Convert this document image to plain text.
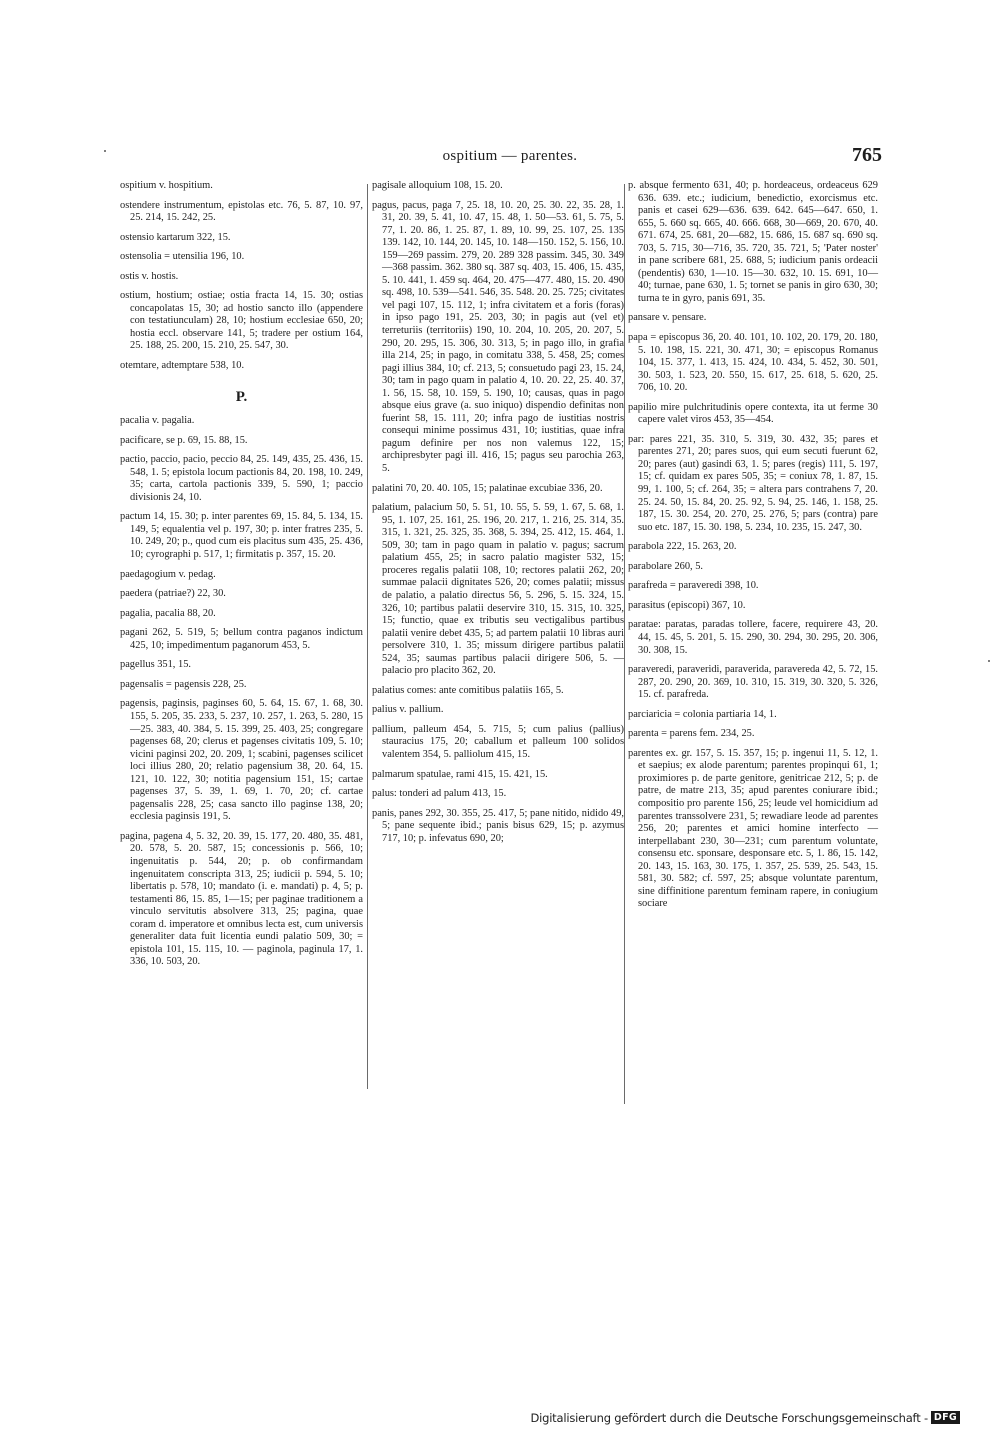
ospitium — parentes.	765
ospitium v. hospitium.
ostendere instrumentum, epistolas etc. 76, 5. 87, 10. 97, 25. 214, 15. 242, 25.
ostensio kartarum 322, 15.
ostensolia = utensilia 196, 10.
ostis v. hostis.
ostium, hostium; ostiae; ostia fracta 14, 15. 30; ostias concapolatas 15, 30; ad hostio sancto illo (appendere con testatiunculam) 28, 10; hostium ecclesiae 650, 20; hostia eccl. observare 141, 5; tradere per ostium 164, 25. 188, 25. 200, 15. 210, 25. 547, 30.
otemtare, adtemptare 538, 10.
P.
pacalia v. pagalia.
pacificare, se p. 69, 15. 88, 15.
pactio, paccio, pacio, peccio 84, 25. 149, 435, 25. 436, 15. 548, 1. 5; epistola locum pactionis 84, 20. 198, 10. 249, 35; carta, cartola pactionis 339, 5. 590, 1; paccio divisionis 24, 10.
pactum 14, 15. 30; p. inter parentes 69, 15. 84, 5. 134, 15. 149, 5; equalentia vel p. 197, 30; p. inter fratres 235, 5. 10. 249, 20; p., quod cum eis placitus sum 435, 25. 436, 10; cyrographi p. 517, 1; firmitatis p. 357, 15. 20.
paedagogium v. pedag.
paedera (patriae?) 22, 30.
pagalia, pacalia 88, 20.
pagani 262, 5. 519, 5; bellum contra paganos indictum 425, 10; impedimentum paganorum 453, 5.
pagellus 351, 15.
pagensalis = pagensis 228, 25.
pagensis, paginsis, paginses 60, 5. 64, 15. 67, 1. 68, 30. 155, 5. 205, 35. 233, 5. 237, 10. 257, 1. 263, 5. 280, 15—25. 383, 40. 384, 5. 15. 399, 25. 403, 25; congregare pagenses 68, 20; clerus et pagenses civitatis 109, 5. 10; vicini paginsi 202, 20. 209, 1; scabini, pagenses scilicet loci illius 280, 20; relatio pagensium 38, 20. 64, 15. 121, 10. 122, 30; notitia pagensium 151, 15; cartae pagenses 37, 5. 39, 1. 69, 1. 70, 20; cf. cartae pagensalis 228, 25; casa sancto illo paginse 138, 20; ecclesia paginsis 191, 5.
pagina, pagena 4, 5. 32, 20. 39, 15. 177, 20. 480, 35. 481, 20. 578, 5. 20. 587, 15; concessionis p. 566, 10; ingenuitatis p. 544, 20; p. ob confirmandam ingenuitatem conscripta 313, 25; iudicii p. 594, 5. 10; libertatis p. 578, 10; mandato (i. e. mandati) p. 4, 5; p. testamenti 86, 15. 85, 1—15; per paginae traditionem a vinculo servitutis absolvere 313, 25; pagina, quae coram d. imperatore et omnibus lecta est, cum universis generaliter data fuit licentia eundi palatio 509, 30; = epistola 101, 15. 115, 10. — paginola, paginula 17, 1. 336, 10. 503, 20.
pagisale alloquium 108, 15. 20.
pagus, pacus, paga 7, 25. 18, 10. 20, 25. 30. 22, 35. 28, 1. 31, 20. 39, 5. 41, 10. 47, 15. 48, 1. 50—53. 61, 5. 75, 5. 77, 1. 20. 86, 1. 25. 87, 1. 89, 10. 99, 25. 107, 25. 135 139. 142, 10. 144, 20. 145, 10. 148—150. 152, 5. 156, 10. 159—269 passim. 279, 20. 289 328 passim. 345, 30. 349—368 passim. 362. 380 sq. 387 sq. 403, 15. 406, 15. 435, 5. 10. 441, 1. 459 sq. 464, 20. 475—477. 480, 15. 20. 490 sq. 498, 10. 539—541. 546, 35. 548. 20. 25. 725; civitates vel pagi 107, 15. 112, 1; infra civitatem et a foris (foras) in ipso pago 191, 25. 203, 30; in pagis aut (vel et) terreturiis (territoriis) 190, 10. 204, 10. 205, 20. 207, 5. 290, 20. 295, 15. 306, 30. 313, 5; in pago illo, in grafia illa 214, 25; in pago, in comitatu 338, 5. 458, 25; comes pagi illius 384, 10; cf. 213, 5; consuetudo pagi 23, 15. 24, 30; tam in pago quam in palatio 4, 10. 20. 22, 25. 40. 37, 1. 56, 15. 58, 10. 159, 5. 190, 10; causas, quas in pago absque eius grave (a. suo iniquo) dispendio definitas non fuerint 58, 15. 111, 20; infra pago de iustitias nostris consequi minime possimus 431, 10; iustitias, quae infra pagum definire per nos non valemus 122, 15; archipresbyter pagi ill. 416, 15; pagus seu parochia 263, 5.
palatini 70, 20. 40. 105, 15; palatinae excubiae 336, 20.
palatium, palacium 50, 5. 51, 10. 55, 5. 59, 1. 67, 5. 68, 1. 95, 1. 107, 25. 161, 25. 196, 20. 217, 1. 216, 25. 314, 35. 315, 1. 321, 25. 325, 35. 368, 5. 394, 25. 412, 15. 464, 1. 509, 30; tam in pago quam in palatio v. pagus; sacrum palatium 455, 25; in sacro palatio magister 532, 15; proceres regalis palatii 108, 10; rectores palatii 262, 20; summae palacii dignitates 526, 20; comes palatii; missus de palatio, a palatio directus 56, 5. 296, 5. 15. 324, 15. 326, 10; partibus palatii deservire 310, 15. 315, 10. 325, 15; functio, quae ex tributis seu vectigalibus partibus palatii venire debet 435, 5; ad partem palatii 10 libras auri persolvere 310, 1. 35; missum dirigere partibus palatii 524, 35; saumas partibus palacii dirigere 506, 5. — palacio pro placito 362, 20.
palatius comes: ante comitibus palatiis 165, 5.
palius v. pallium.
pallium, palleum 454, 5. 715, 5; cum palius (pallius) stauracius 175, 20; caballum et palleum 100 solidos valentem 354, 5. palliolum 415, 15.
palmarum spatulae, rami 415, 15. 421, 15.
palus: tonderi ad palum 413, 15.
panis, panes 292, 30. 355, 25. 417, 5; pane nitido, nidido 49, 5; pane sequente ibid.; panis bisus 629, 15; p. azymus 717, 10; p. infevatus 690, 20;
p. absque fermento 631, 40; p. hordeaceus, ordeaceus 629 636. 639. etc.; iudicium, benedictio, exorcismus etc. panis et casei 629—636. 639. 642. 645—647. 650, 1. 655, 5. 660 sq. 665, 40. 666. 668, 30—669, 20. 670, 40. 671. 674, 25. 681, 20—682, 15. 686, 15. 687 sq. 690 sq. 703, 5. 715, 30—716, 35. 720, 35. 721, 5; 'Pater noster' in pane scribere 681, 25. 688, 5; iudicium panis ordeacii (pendentis) 630, 1—10. 15—30. 632, 10. 15. 691, 10—40; turnae, pane 630, 1. 5; tornet se panis in giro 630, 30; turna te in gyro, panis 691, 35.
pansare v. pensare.
papa = episcopus 36, 20. 40. 101, 10. 102, 20. 179, 20. 180, 5. 10. 198, 15. 221, 30. 471, 30; = episcopus Romanus 104, 15. 377, 1. 413, 15. 424, 10. 434, 5. 452, 30. 501, 30. 503, 1. 523, 20. 550, 15. 617, 25. 618, 5. 620, 25. 706, 10. 20.
papilio mire pulchritudinis opere contexta, ita ut ferme 30 capere valet viros 453, 35—454.
par: pares 221, 35. 310, 5. 319, 30. 432, 35; pares et parentes 271, 20; pares suos, qui eum secuti fuerunt 62, 20; pares (aut) gasindi 63, 1. 5; pares (regis) 111, 5. 197, 15; cf. quidam ex pares 505, 35; = coniux 78, 1. 87, 15. 99, 1. 100, 5; cf. 264, 35; = altera pars contrahens 7, 20. 25. 24. 50, 15. 84, 20. 25. 92, 5. 94, 25. 146, 1. 158, 25. 187, 15. 30. 254, 20. 270, 25. 276, 5; pars (contra) pare suo etc. 187, 15. 30. 198, 5. 234, 10. 235, 15. 247, 30.
parabola 222, 15. 263, 20.
parabolare 260, 5.
parafreda = paraveredi 398, 10.
parasitus (episcopi) 367, 10.
paratae: paratas, paradas tollere, facere, requirere 43, 20. 44, 15. 45, 5. 201, 5. 15. 290, 30. 294, 30. 295, 20. 306, 30. 308, 15.
paraveredi, paraveridi, paraverida, paravereda 42, 5. 72, 15. 287, 20. 290, 20. 369, 10. 310, 15. 319, 30. 320, 5. 326, 15. cf. parafreda.
parciaricia = colonia partiaria 14, 1.
parenta = parens fem. 234, 25.
parentes ex. gr. 157, 5. 15. 357, 15; p. ingenui 11, 5. 12, 1. et saepius; ex alode parentum; parentes propinqui 61, 1; proximiores p. de parte genitore, genitricae 212, 5; p. de patre, de matre 213, 35; apud parentes coniurare ibid.; compositio pro parente 156, 25; leude vel homicidium ad parentes transsolvere 231, 5; rewadiare leode ad parentes 256, 20; parentes et amici homine interfecto — interpellabant 230, 30—231; cum parentum voluntate, consensu etc. sponsare, desponsare etc. 5, 1. 86, 15. 142, 20. 143, 15. 163, 30. 175, 1. 357, 25. 539, 25. 543, 15. 581, 30. 582; cf. 597, 25; absque voluntate parentum, sine diffinitione parentum feminam rapere, in coniugium sociare
Digitalisierung gefördert durch die Deutsche Forschungsgemeinschaft - DFG
